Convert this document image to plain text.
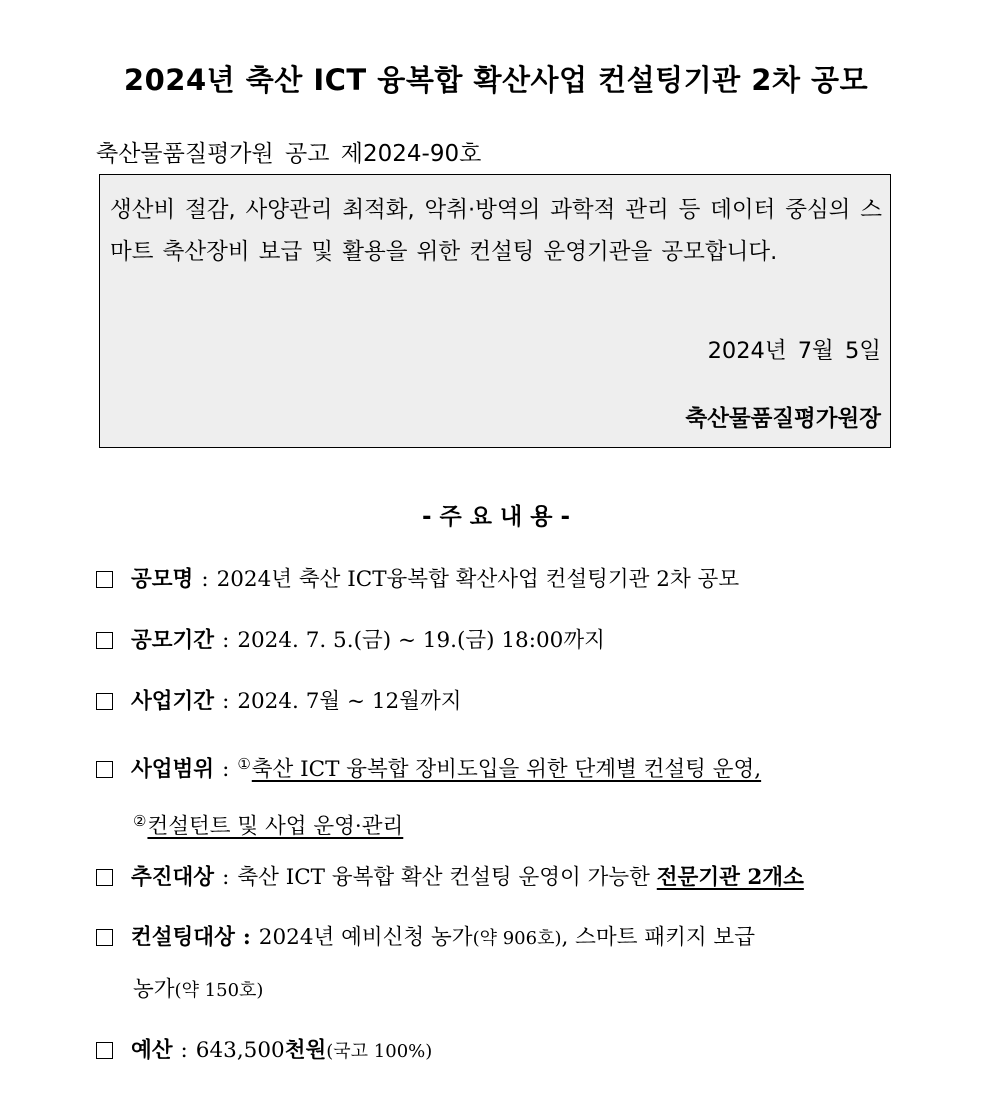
2024년 축산 ICT 융복합 확산사업 컨설팅기관 2차 공모
축산물품질평가원 공고 제2024-90호
생산비 절감, 사양관리 최적화, 악취·방역의 과학적 관리 등 데이터 중심의 스마트 축산장비 보급 및 활용을 위한 컨설팅 운영기관을 공모합니다.
2024년 7월 5일
축산물품질평가원장
- 주 요 내 용 -
공모명 : 2024년 축산 ICT융복합 확산사업 컨설팅기관 2차 공모
공모기간 : 2024. 7. 5.(금) ~ 19.(금) 18:00까지
사업기간 : 2024. 7월 ~ 12월까지
사업범위 : ①축산 ICT 융복합 장비도입을 위한 단계별 컨설팅 운영,
②컨설턴트 및 사업 운영·관리
추진대상 : 축산 ICT 융복합 확산 컨설팅 운영이 가능한 전문기관 2개소
컨설팅대상 : 2024년 예비신청 농가(약 906호), 스마트 패키지 보급
농가(약 150호)
예산 : 643,500천원(국고 100%)
